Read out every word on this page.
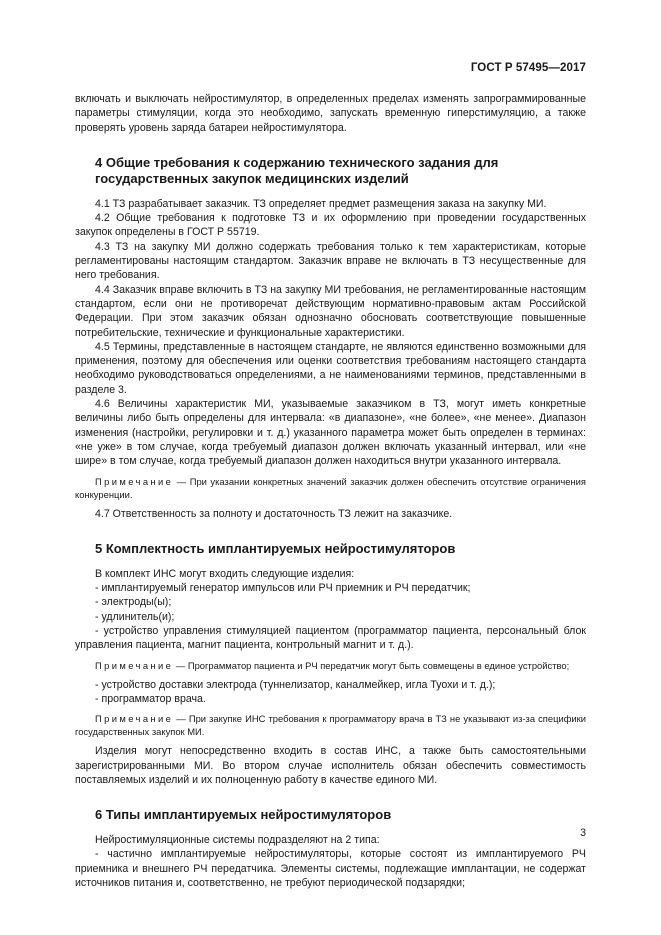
ГОСТ Р 57495—2017

включать и выключать нейростимулятор, в определенных пределах изменять запрограммированные параметры стимуляции, когда это необходимо, запускать временную гиперстимуляцию, а также проверять уровень заряда батареи нейростимулятора.

4 Общие требования к содержанию технического задания для
государственных закупок медицинских изделий

4.1 ТЗ разрабатывает заказчик. ТЗ определяет предмет размещения заказа на закупку МИ.

4.2 Общие требования к подготовке ТЗ и их оформлению при проведении государственных закупок определены в ГОСТ Р 55719.

4.3 ТЗ на закупку МИ должно содержать требования только к тем характеристикам, которые регламентированы настоящим стандартом. Заказчик вправе не включать в ТЗ несущественные для него требования.

4.4 Заказчик вправе включить в ТЗ на закупку МИ требования, не регламентированные настоящим стандартом, если они не противоречат действующим нормативно-правовым актам Российской Федерации. При этом заказчик обязан однозначно обосновать соответствующие повышенные потребительские, технические и функциональные характеристики.

4.5 Термины, представленные в настоящем стандарте, не являются единственно возможными для применения, поэтому для обеспечения или оценки соответствия требованиям настоящего стандарта необходимо руководствоваться определениями, а не наименованиями терминов, представленными в разделе 3.

4.6 Величины характеристик МИ, указываемые заказчиком в ТЗ, могут иметь конкретные величины либо быть определены для интервала: «в диапазоне», «не более», «не менее». Диапазон изменения (настройки, регулировки и т. д.) указанного параметра может быть определен в терминах: «не уже» в том случае, когда требуемый диапазон должен включать указанный интервал, или «не шире» в том случае, когда требуемый диапазон должен находиться внутри указанного интервала.

Примечание — При указании конкретных значений заказчик должен обеспечить отсутствие ограничения конкуренции.

4.7 Ответственность за полноту и достаточность ТЗ лежит на заказчике.

5 Комплектность имплантируемых нейростимуляторов

В комплект ИНС могут входить следующие изделия:

- имплантируемый генератор импульсов или РЧ приемник и РЧ передатчик;

- электроды(ы);

- удлинитель(и);

- устройство управления стимуляцией пациентом (программатор пациента, персональный блок управления пациента, магнит пациента, контрольный магнит и т. д.).

Примечание — Программатор пациента и РЧ передатчик могут быть совмещены в единое устройство;

- устройство доставки электрода (туннелизатор, каналмейкер, игла Туохи и т. д.);

- программатор врача.

Примечание — При закупке ИНС требования к программатору врача в ТЗ не указывают из-за специфики государственных закупок МИ.

Изделия могут непосредственно входить в состав ИНС, а также быть самостоятельными зарегистрированными МИ. Во втором случае исполнитель обязан обеспечить совместимость поставляемых изделий и их полноценную работу в качестве единого МИ.

6 Типы имплантируемых нейростимуляторов

Нейростимуляционные системы подразделяют на 2 типа:

- частично имплантируемые нейростимуляторы, которые состоят из имплантируемого РЧ приемника и внешнего РЧ передатчика. Элементы системы, подлежащие имплантации, не содержат источников питания и, соответственно, не требуют периодической подзарядки;

3
